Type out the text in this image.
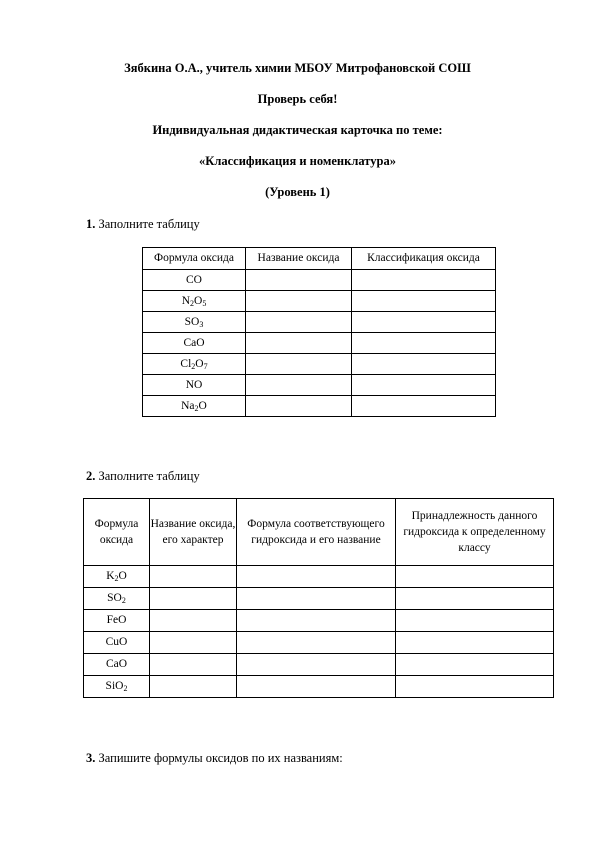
Зябкина О.А., учитель химии МБОУ Митрофановской СОШ
Проверь себя!
Индивидуальная дидактическая карточка по теме:
«Классификация и номенклатура»
(Уровень 1)
1. Заполните таблицу
Формула оксида	Название оксида	Классификация оксида
CO		
$N_2O_5$		
$SO_3$		
CaO		
$Cl_2O_7$		
NO		
$Na_2O$		
2. Заполните таблицу
Формула оксида	Название оксида, его характер	Формула соответствующего гидроксида и его название	Принадлежность данного гидроксида к определенному классу
$K_2O$			
$SO_2$			
FeO			
CuO			
CaO			
SiO$_2$			
3. Запишите формулы оксидов по их названиям:
